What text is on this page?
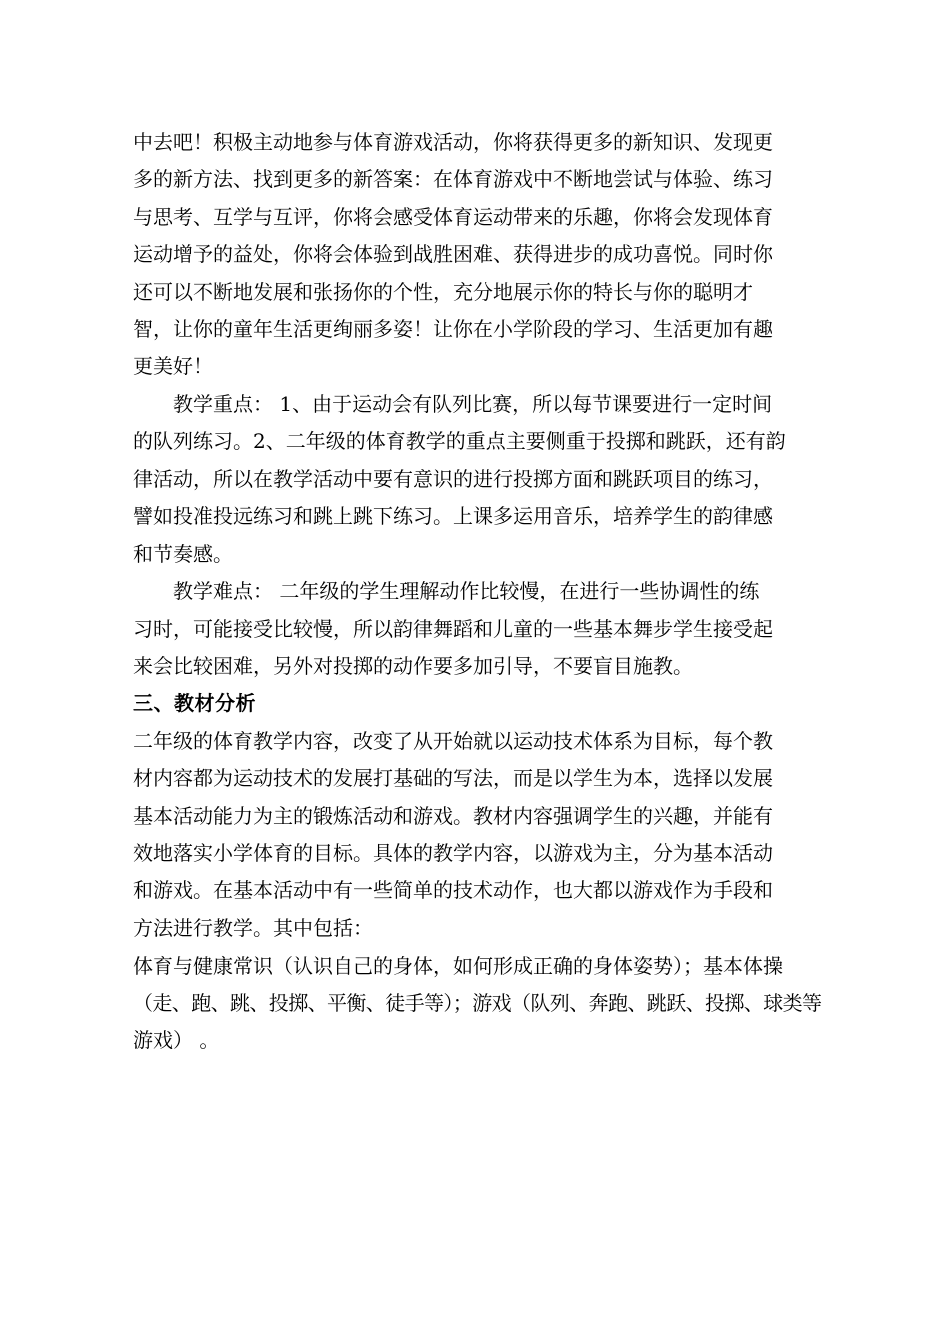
中去吧！积极主动地参与体育游戏活动，你将获得更多的新知识、发现更
多的新方法、找到更多的新答案：在体育游戏中不断地尝试与体验、练习
与思考、互学与互评，你将会感受体育运动带来的乐趣，你将会发现体育
运动增予的益处，你将会体验到战胜困难、获得进步的成功喜悦。同时你
还可以不断地发展和张扬你的个性，充分地展示你的特长与你的聪明才
智，让你的童年生活更绚丽多姿！让你在小学阶段的学习、生活更加有趣
更美好！
　　教学重点： 1、由于运动会有队列比赛，所以每节课要进行一定时间
的队列练习。2、二年级的体育教学的重点主要侧重于投掷和跳跃，还有韵
律活动，所以在教学活动中要有意识的进行投掷方面和跳跃项目的练习，
譬如投准投远练习和跳上跳下练习。上课多运用音乐，培养学生的韵律感
和节奏感。
　　教学难点： 二年级的学生理解动作比较慢，在进行一些协调性的练
习时，可能接受比较慢，所以韵律舞蹈和儿童的一些基本舞步学生接受起
来会比较困难，另外对投掷的动作要多加引导，不要盲目施教。
三、教材分析
二年级的体育教学内容，改变了从开始就以运动技术体系为目标，每个教
材内容都为运动技术的发展打基础的写法，而是以学生为本，选择以发展
基本活动能力为主的锻炼活动和游戏。教材内容强调学生的兴趣，并能有
效地落实小学体育的目标。具体的教学内容，以游戏为主，分为基本活动
和游戏。在基本活动中有一些简单的技术动作，也大都以游戏作为手段和
方法进行教学。其中包括：
体育与健康常识（认识自己的身体，如何形成正确的身体姿势）；基本体操
（走、跑、跳、投掷、平衡、徒手等）；游戏（队列、奔跑、跳跃、投掷、球类等
游戏） 。
